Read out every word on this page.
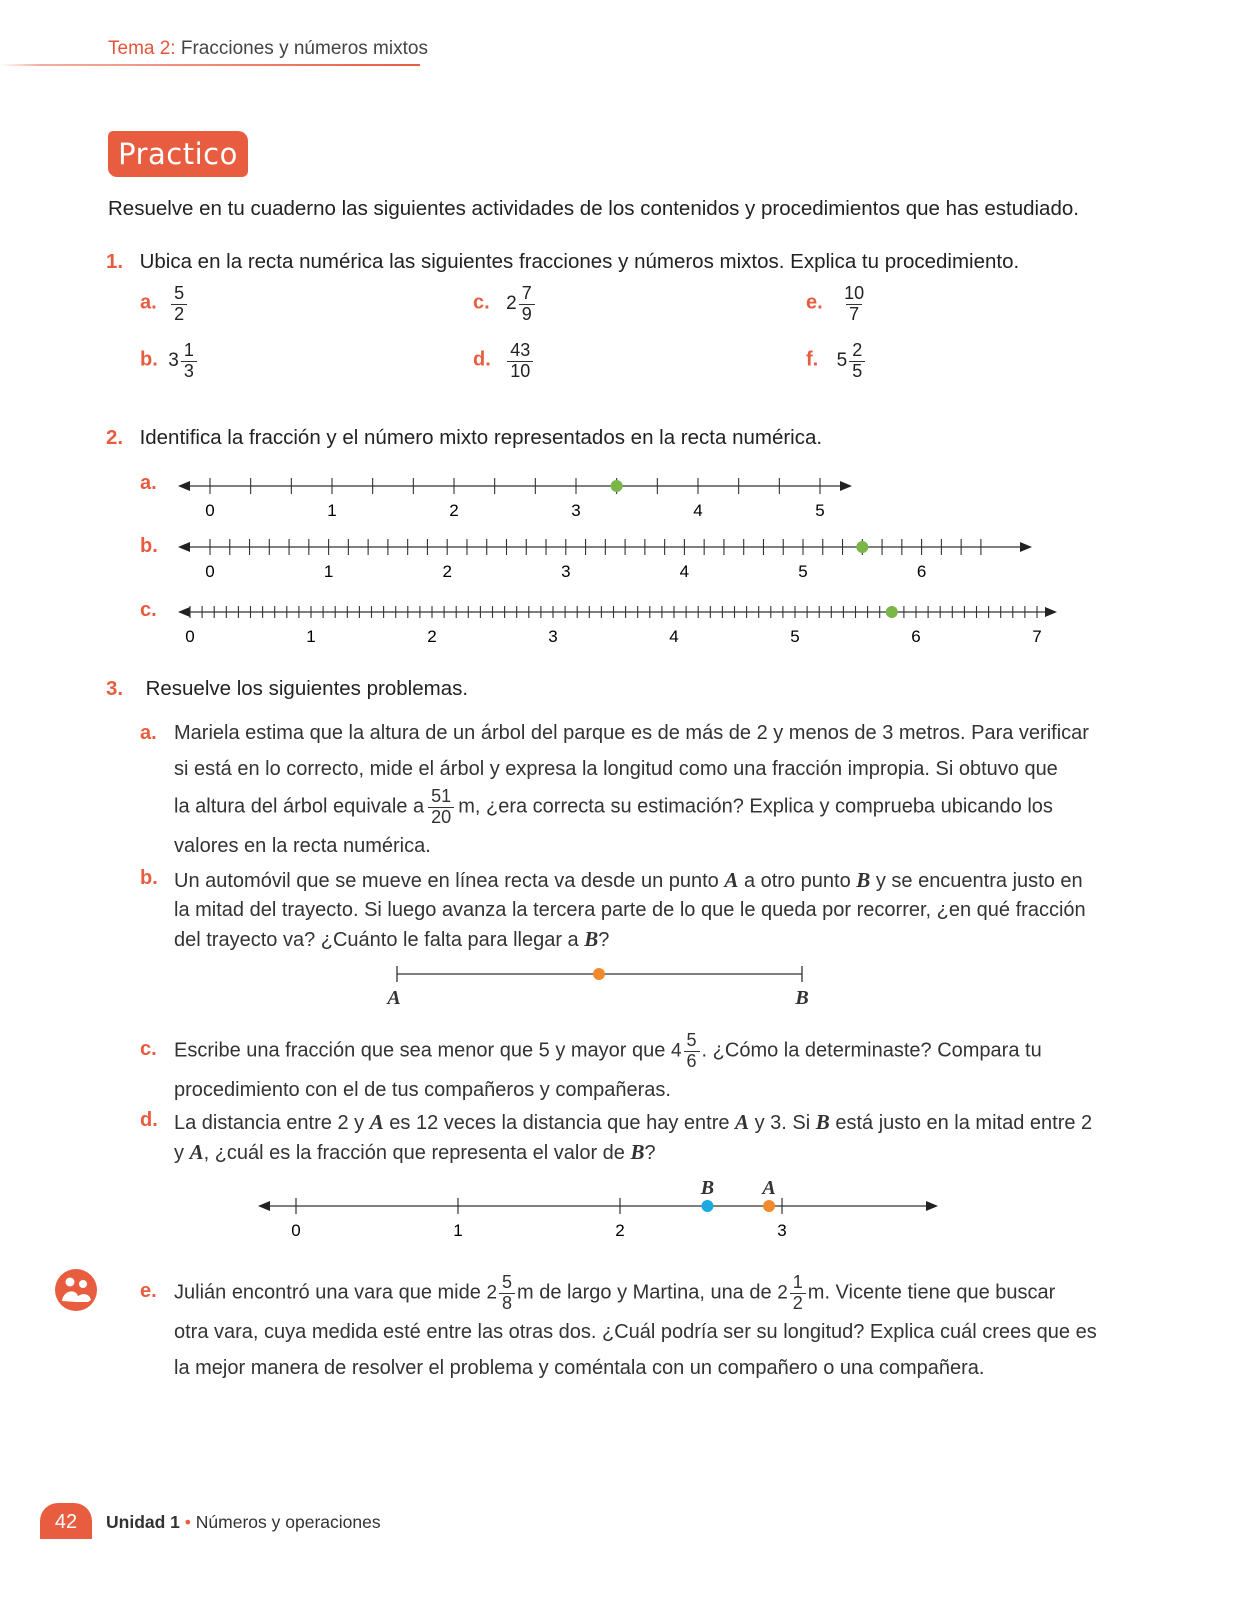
Tema 2: Fracciones y números mixtos
Practico
Resuelve en tu cuaderno las siguientes actividades de los contenidos y procedimientos que has estudiado.
1. Ubica en la recta numérica las siguientes fracciones y números mixtos. Explica tu procedimiento.
a. $\frac{5}{2}$
b. $3 \frac{1}{3}$
c. $2 \frac{7}{9}$
d. $\frac{43}{10}$
e. $\frac{10}{7}$
f. $5 \frac{2}{5}$
2. Identifica la fracción y el número mixto representados en la recta numérica.
a.
b.
c.
0	1	2	3	4	5
0	1	2	3	4	5	6
0	1	2	3	4	5	6	7
3. Resuelve los siguientes problemas.
a. Mariela estima que la altura de un árbol del parque es de más de 2 y menos de 3 metros. Para verificar
si está en lo correcto, mide el árbol y expresa la longitud como una fracción impropia. Si obtuvo que
la altura del árbol equivale a $\frac{51}{20} m$, ¿era correcta su estimación? Explica y comprueba ubicando los
valores en la recta numérica.
b. Un automóvil que se mueve en línea recta va desde un punto A a otro punto B y se encuentra justo en
la mitad del trayecto. Si luego avanza la tercera parte de lo que le queda por recorrer, ¿en qué fracción
del trayecto va? ¿Cuánto le falta para llegar a B?
A	B
c. Escribe una fracción que sea menor que 5 y mayor que $4 \frac{5}{6}$ . ¿Cómo la determinaste? Compara tu
procedimiento con el de tus compañeros y compañeras.
d. La distancia entre 2 y A es 12 veces la distancia que hay entre A y 3. Si B está justo en la mitad entre 2
y A, ¿cuál es la fracción que representa el valor de B?
0	1	2	3
B A
e. Julián encontró una vara que mide $2 \frac{5}{8}$ m de largo y Martina, una de $2 \frac{1}{2} m$. Vicente tiene que buscar
otra vara, cuya medida esté entre las otras dos. ¿Cuál podría ser su longitud? Explica cuál crees que es
la mejor manera de resolver el problema y coméntala con un compañero o una compañera.
42	Unidad 1 • Números y operaciones
